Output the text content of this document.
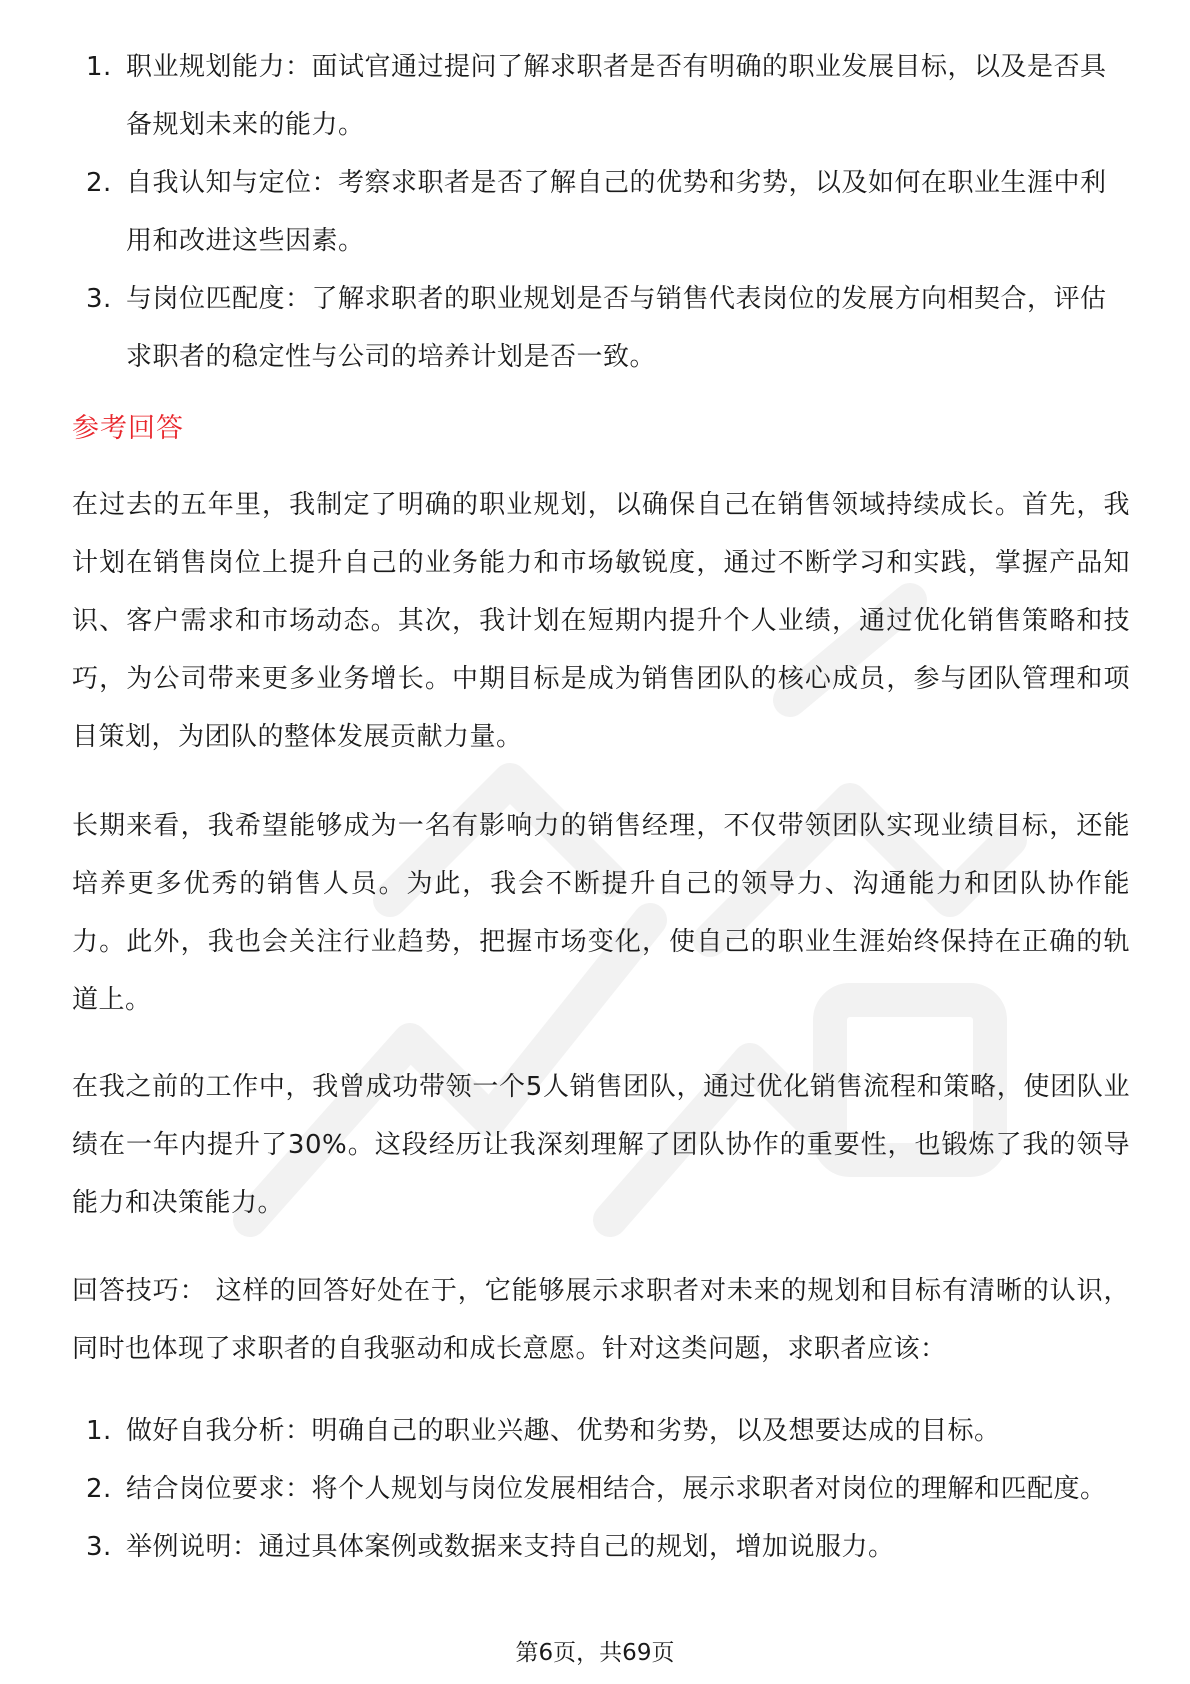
1. 职业规划能力：面试官通过提问了解求职者是否有明确的职业发展目标，以及是否具备规划未来的能力。
2. 自我认知与定位：考察求职者是否了解自己的优势和劣势，以及如何在职业生涯中利用和改进这些因素。
3. 与岗位匹配度：了解求职者的职业规划是否与销售代表岗位的发展方向相契合，评估求职者的稳定性与公司的培养计划是否一致。
参考回答

在过去的五年里，我制定了明确的职业规划，以确保自己在销售领域持续成长。首先，我计划在销售岗位上提升自己的业务能力和市场敏锐度，通过不断学习和实践，掌握产品知识、客户需求和市场动态。其次，我计划在短期内提升个人业绩，通过优化销售策略和技巧，为公司带来更多业务增长。中期目标是成为销售团队的核心成员，参与团队管理和项目策划，为团队的整体发展贡献力量。

长期来看，我希望能够成为一名有影响力的销售经理，不仅带领团队实现业绩目标，还能培养更多优秀的销售人员。为此，我会不断提升自己的领导力、沟通能力和团队协作能力。此外，我也会关注行业趋势，把握市场变化，使自己的职业生涯始终保持在正确的轨道上。

在我之前的工作中，我曾成功带领一个5人销售团队，通过优化销售流程和策略，使团队业绩在一年内提升了30%。这段经历让我深刻理解了团队协作的重要性，也锻炼了我的领导能力和决策能力。

回答技巧： 这样的回答好处在于，它能够展示求职者对未来的规划和目标有清晰的认识，同时也体现了求职者的自我驱动和成长意愿。针对这类问题，求职者应该：

1. 做好自我分析：明确自己的职业兴趣、优势和劣势，以及想要达成的目标。
2. 结合岗位要求：将个人规划与岗位发展相结合，展示求职者对岗位的理解和匹配度。
3. 举例说明：通过具体案例或数据来支持自己的规划，增加说服力。
第6页，共69页
